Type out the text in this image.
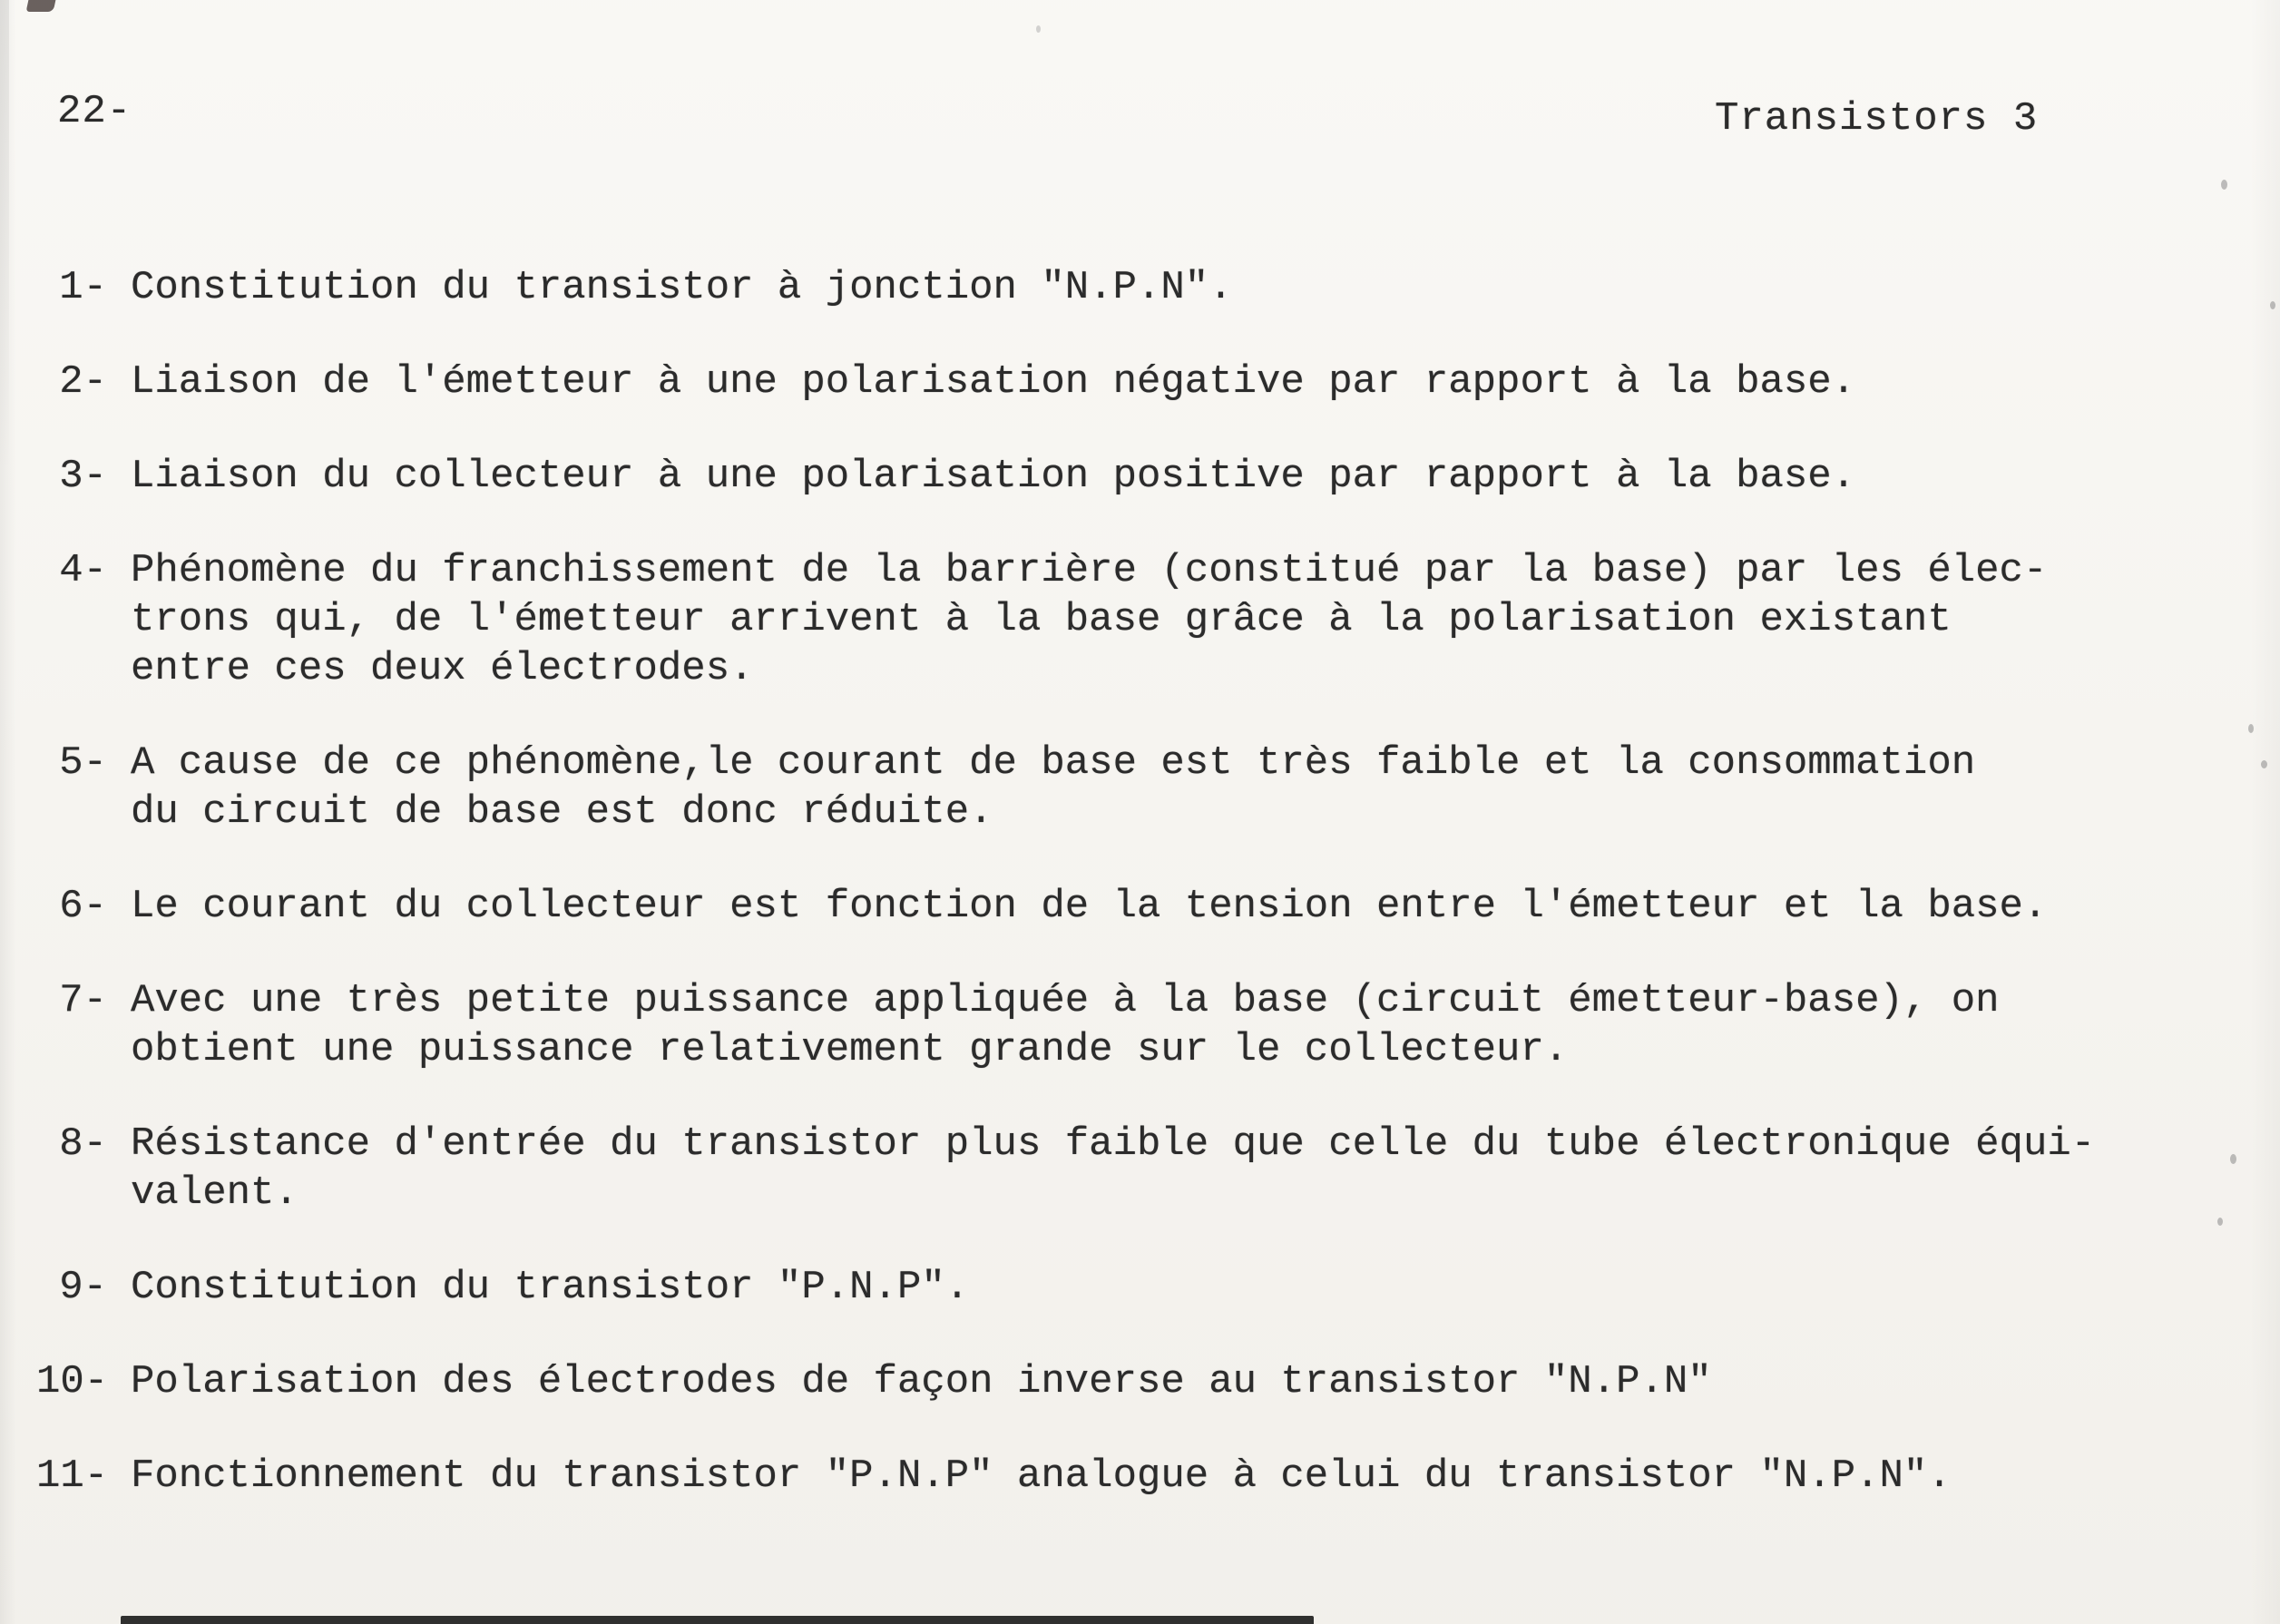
22-	Transistors 3
1- Constitution du transistor à jonction "N.P.N".
2- Liaison de l'émetteur à une polarisation négative par rapport à la base.
3- Liaison du collecteur à une polarisation positive par rapport à la base.
4- Phénomène du franchissement de la barrière (constitué par la base) par les élec-
trons qui, de l'émetteur arrivent à la base grâce à la polarisation existant
entre ces deux électrodes.
5- A cause de ce phénomène,le courant de base est très faible et la consommation
du circuit de base est donc réduite.
6- Le courant du collecteur est fonction de la tension entre l'émetteur et la base.
7- Avec une très petite puissance appliquée à la base (circuit émetteur-base), on
obtient une puissance relativement grande sur le collecteur.
8- Résistance d'entrée du transistor plus faible que celle du tube électronique équi-
valent.
9- Constitution du transistor "P.N.P".
10- Polarisation des électrodes de façon inverse au transistor "N.P.N"
11- Fonctionnement du transistor "P.N.P" analogue à celui du transistor "N.P.N".
